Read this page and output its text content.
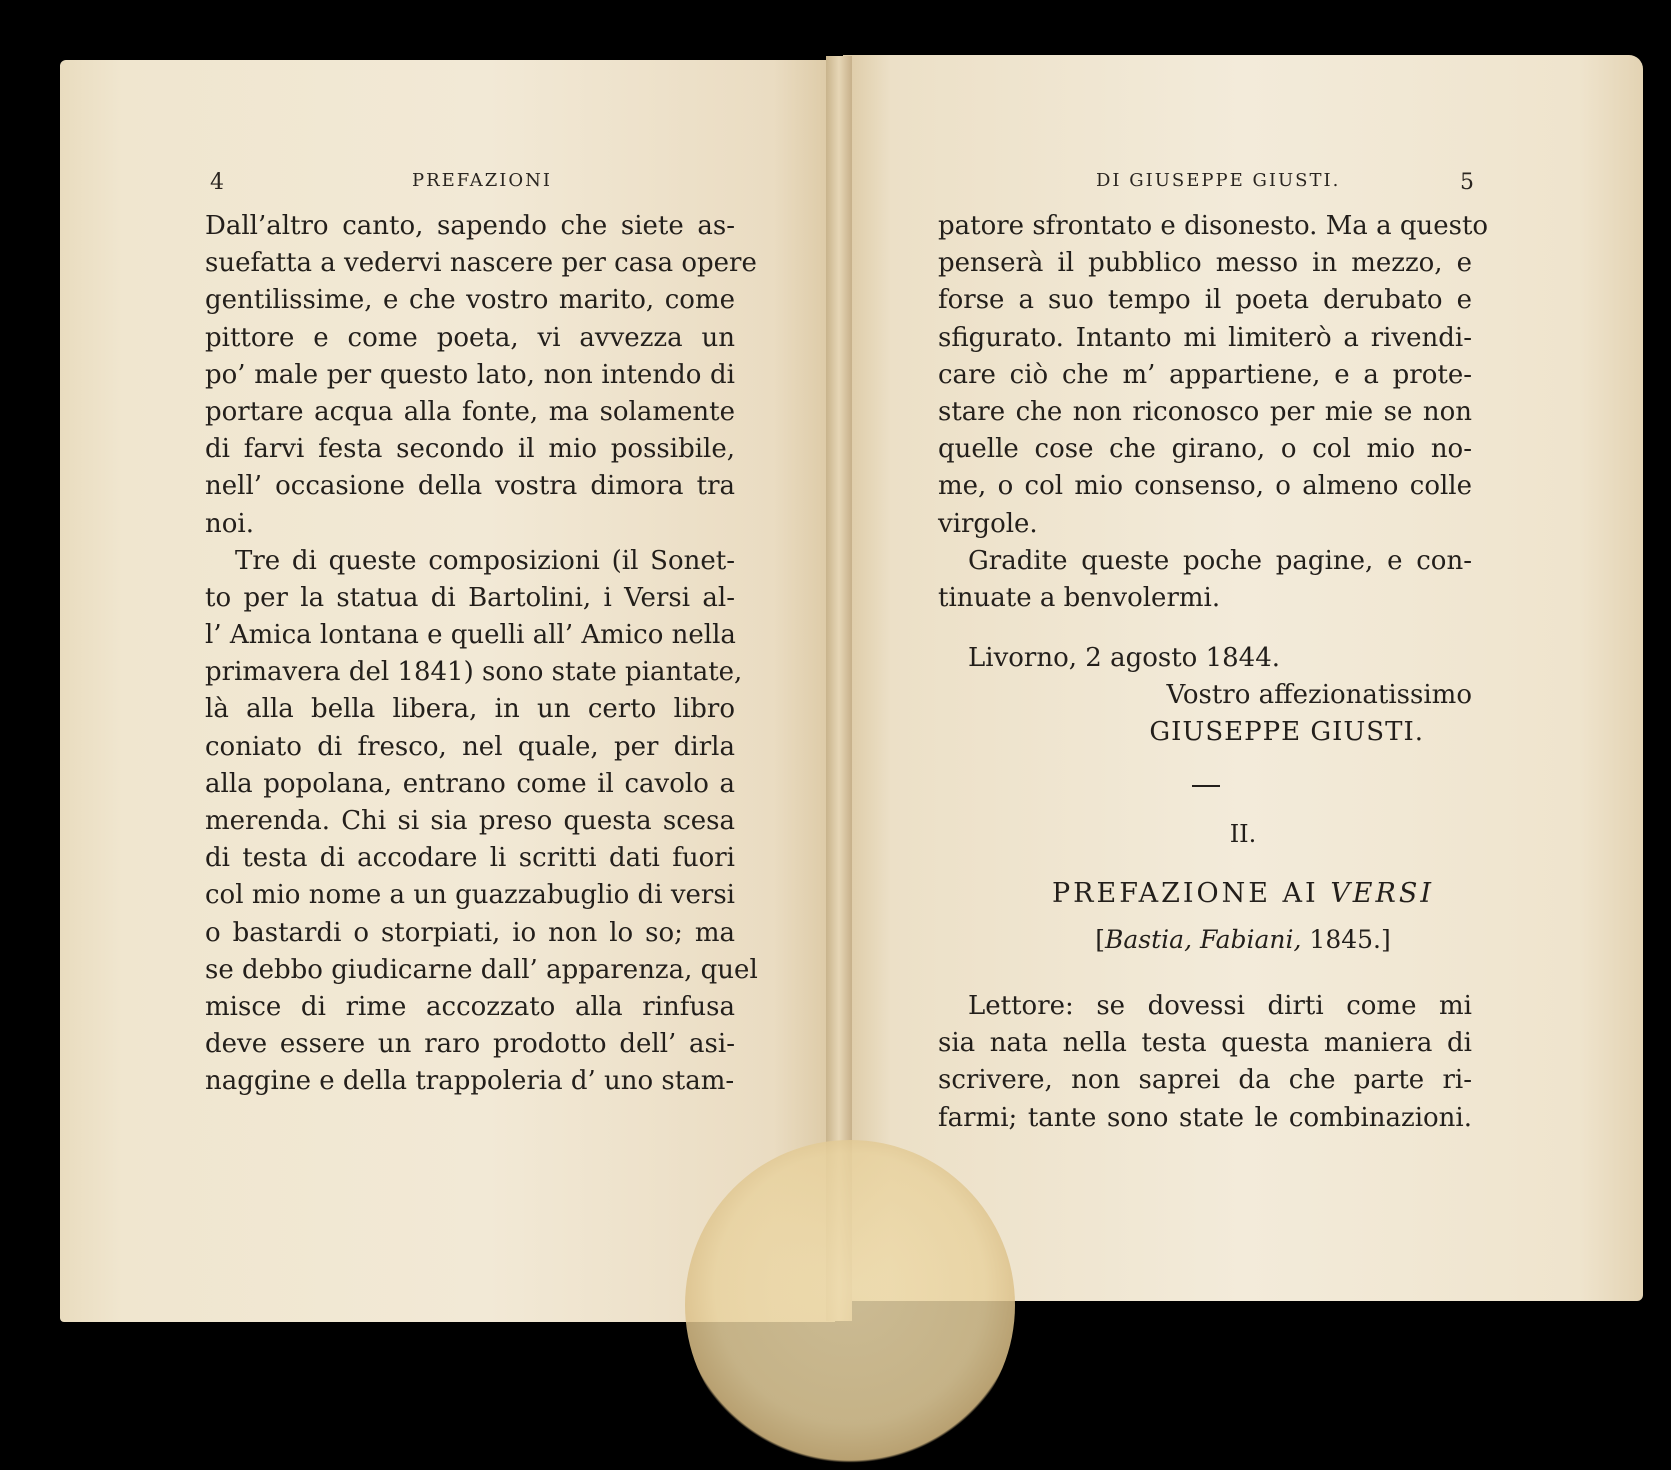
4	PREFAZIONI	DI GIUSEPPE GIUSTI.	5
Dall’altro canto, sapendo che siete as-
suefatta a vedervi nascere per casa opere
gentilissime, e che vostro marito, come
pittore e come poeta, vi avvezza un
po’ male per questo lato, non intendo di
portare acqua alla fonte, ma solamente
di farvi festa secondo il mio possibile,
nell’ occasione della vostra dimora tra
noi.
Tre di queste composizioni (il Sonet-
to per la statua di Bartolini, i Versi al-
l’ Amica lontana e quelli all’ Amico nella
primavera del 1841) sono state piantate,
là alla bella libera, in un certo libro
coniato di fresco, nel quale, per dirla
alla popolana, entrano come il cavolo a
merenda. Chi si sia preso questa scesa
di testa di accodare li scritti dati fuori
col mio nome a un guazzabuglio di versi
o bastardi o storpiati, io non lo so; ma
se debbo giudicarne dall’ apparenza, quel
misce di rime accozzato alla rinfusa
deve essere un raro prodotto dell’ asi-
naggine e della trappoleria d’ uno stam-
patore sfrontato e disonesto. Ma a questo
penserà il pubblico messo in mezzo, e
forse a suo tempo il poeta derubato e
sfigurato. Intanto mi limiterò a rivendi-
care ciò che m’ appartiene, e a prote-
stare che non riconosco per mie se non
quelle cose che girano, o col mio no-
me, o col mio consenso, o almeno colle
virgole.
Gradite queste poche pagine, e con-
tinuate a benvolermi.
Livorno, 2 agosto 1844.
Vostro affezionatissimo
GIUSEPPE GIUSTI.
II.
PREFAZIONE AI VERSI
[Bastia, Fabiani, 1845.]
Lettore: se dovessi dirti come mi
sia nata nella testa questa maniera di
scrivere, non saprei da che parte ri-
farmi; tante sono state le combinazioni.
